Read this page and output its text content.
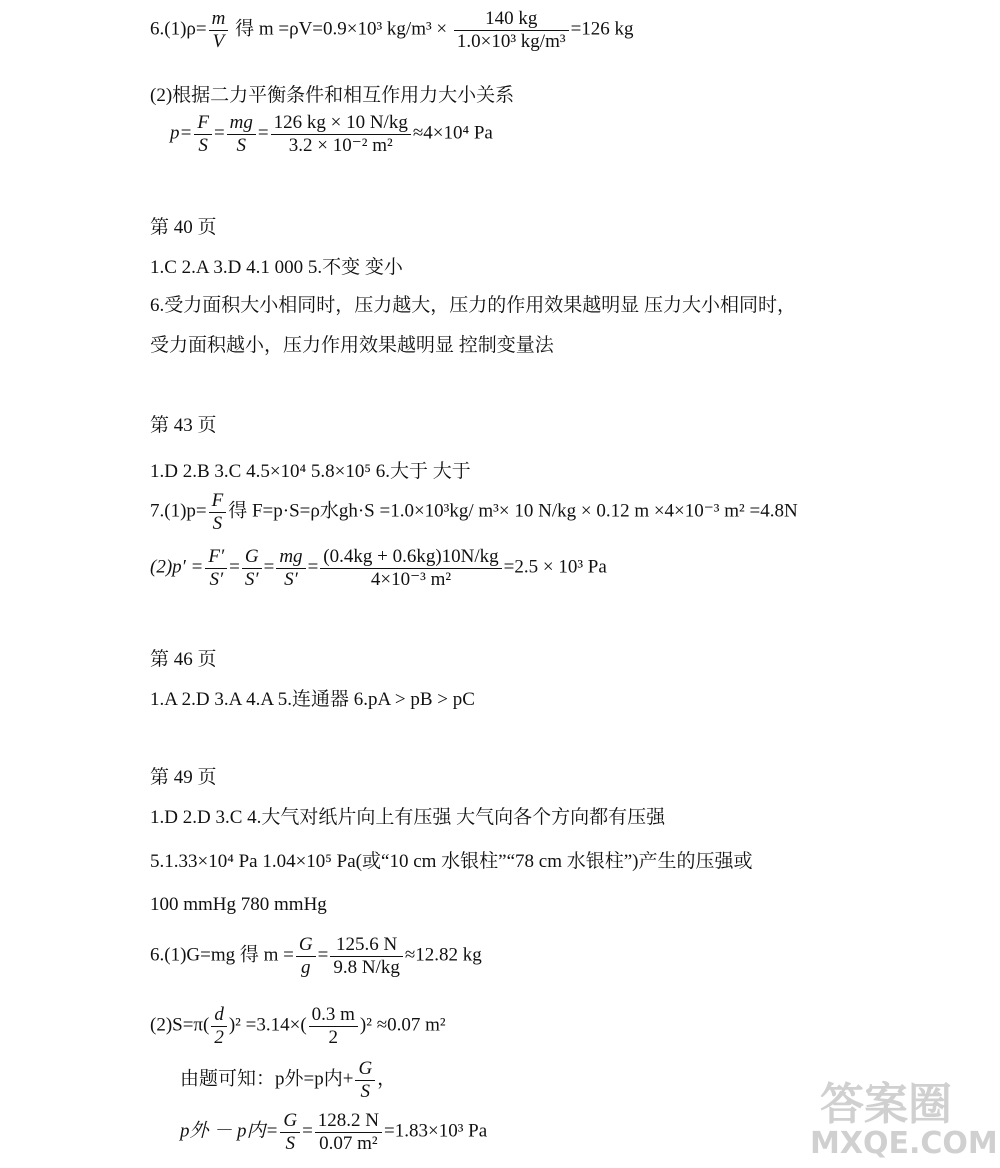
$6.(1)\rho= \frac{m}{V}$ 得 m =ρV=0.9×10³ $kg/m^3 \times \frac{140 kg}{\text{1.0×10³ kg/m³}} =126$ kg
(2)根据二力平衡条件和相互作用力大小关系
$p= \frac{F}{S} = \frac{mg}{S} = \frac{126 kg \times 10 N/kg}{\text{3.2 × 10⁻² m²}} \approx 4\times 10^4$ Pa
第 40 页
1.C 2.A 3.D 4.1 000 5.不变 变小
6.受力面积大小相同时，压力越大，压力的作用效果越明显 压力大小相同时，
受力面积越小，压力作用效果越明显 控制变量法
第 43 页
1.D 2.B 3.C 4.5×10⁴ 5.8×10⁵ 6.大于 大于
$7.(1)p= \frac{F}{S}$ 得 F=p·S=ρ水gh·S =1.0×10³kg/ m³× 10 N/kg × 0.12 m ×4×10⁻³ m² =4.8N
$(2)p' = \frac{F'}{S'} = \frac{G}{S'} = \frac{mg}{S'} = \frac{(0.4kg + 0.6kg)10N/kg}{\text{4×10⁻³ m²}} =2.5 \times 10^3$ Pa
第 46 页
1.A 2.D 3.A 4.A 5.连通器 6.pA > pB > pC
第 49 页
1.D 2.D 3.C 4.大气对纸片向上有压强 大气向各个方向都有压强
5.1.33×10⁴ Pa 1.04×10⁵ Pa(或“10 cm 水银柱”“78 cm 水银柱”)产生的压强或
100 mmHg 780 mmHg
6.(1)G=mg 得 $m = \frac{G}{g} = \frac{125.6 N}{9.8 N/kg} \approx 12.82$ kg
$(2)S=\pi( \frac{d}{2} )^2 =3.14\times( \frac{0.3 m}{2} )^2 \approx 0.07$ m²
由题可知：p外=p内+ $\frac{G}{S}$ ，
p外 － p内= $\frac{G}{S} = \frac{128.2 N}{\text{0.07 m²}} =1.83\times 10^3$ Pa
答案圈
MXQE.COM
